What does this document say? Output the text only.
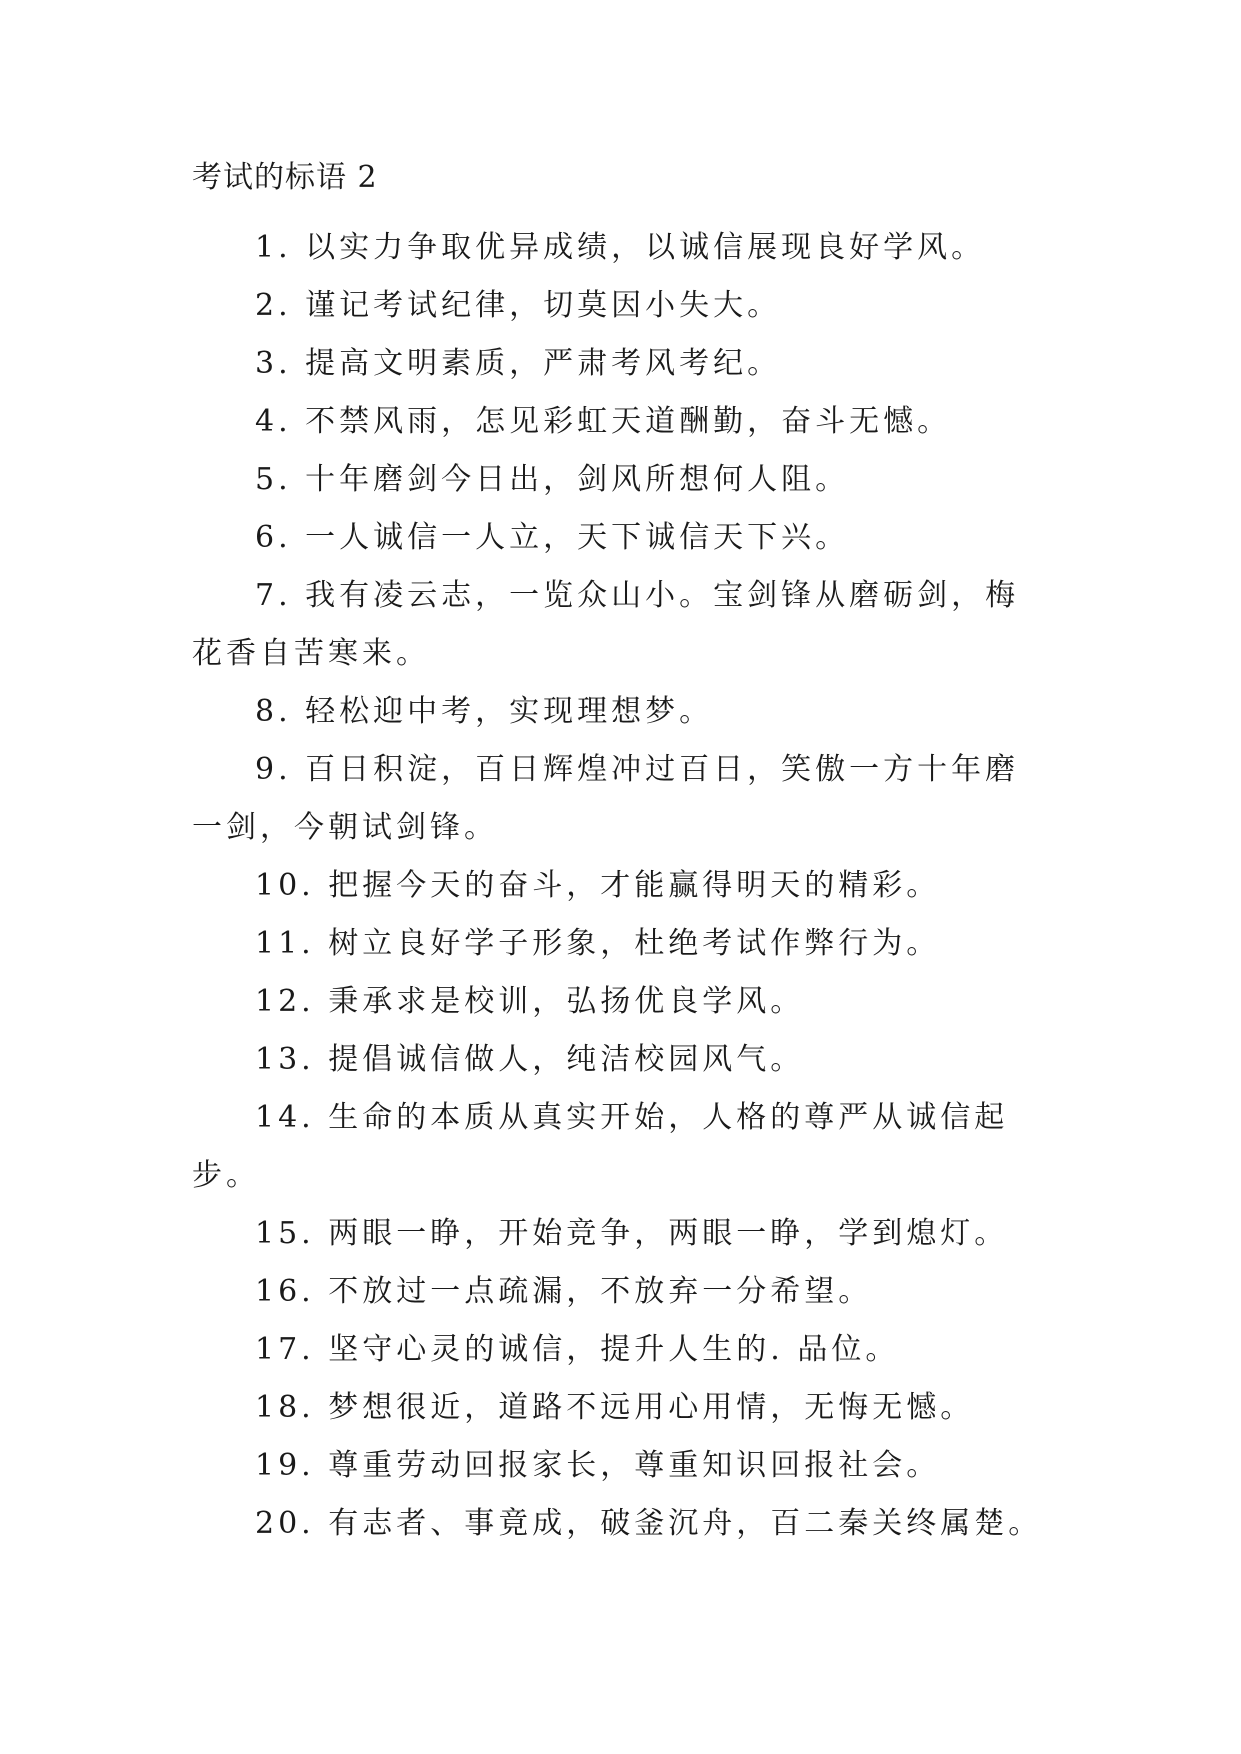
考试的标语 2
1. 以实力争取优异成绩，以诚信展现良好学风。
2. 谨记考试纪律，切莫因小失大。
3. 提高文明素质，严肃考风考纪。
4. 不禁风雨，怎见彩虹天道酬勤，奋斗无憾。
5. 十年磨剑今日出，剑风所想何人阻。
6. 一人诚信一人立，天下诚信天下兴。
7. 我有凌云志，一览众山小。宝剑锋从磨砺剑，梅花香自苦寒来。
8. 轻松迎中考，实现理想梦。
9. 百日积淀，百日辉煌冲过百日，笑傲一方十年磨一剑，今朝试剑锋。
10. 把握今天的奋斗，才能赢得明天的精彩。
11. 树立良好学子形象，杜绝考试作弊行为。
12. 秉承求是校训，弘扬优良学风。
13. 提倡诚信做人，纯洁校园风气。
14. 生命的本质从真实开始，人格的尊严从诚信起步。
15. 两眼一睁，开始竞争，两眼一睁，学到熄灯。
16. 不放过一点疏漏，不放弃一分希望。
17. 坚守心灵的诚信，提升人生的. 品位。
18. 梦想很近，道路不远用心用情，无悔无憾。
19. 尊重劳动回报家长，尊重知识回报社会。
20. 有志者、事竟成，破釜沉舟，百二秦关终属楚。
